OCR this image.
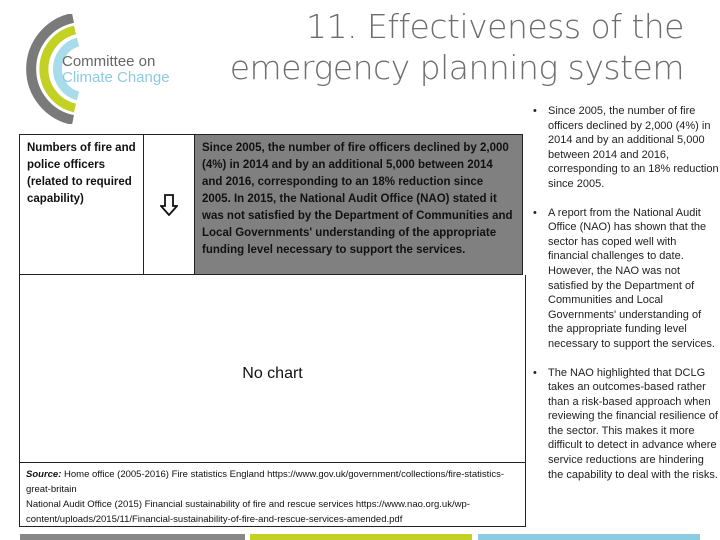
Committee on
Climate Change
11. Effectiveness of the emergency planning system
Numbers of fire and police officers (related to required capability)
Since 2005, the number of fire officers declined by 2,000 (4%) in 2014 and by an additional 5,000 between 2014 and 2016, corresponding to an 18% reduction since 2005. In 2015, the National Audit Office (NAO) stated it was not satisfied by the Department of Communities and Local Governments' understanding of the appropriate funding level necessary to support the services.
No chart
Source: Home office (2005-2016) Fire statistics England https://www.gov.uk/government/collections/fire-statistics-great-britain
National Audit Office (2015) Financial sustainability of fire and rescue services https://www.nao.org.uk/wp-content/uploads/2015/11/Financial-sustainability-of-fire-and-rescue-services-amended.pdf
• Since 2005, the number of fire officers declined by 2,000 (4%) in 2014 and by an additional 5,000 between 2014 and 2016, corresponding to an 18% reduction since 2005.
• A report from the National Audit Office (NAO) has shown that the sector has coped well with financial challenges to date. However, the NAO was not satisfied by the Department of Communities and Local Governments' understanding of the appropriate funding level necessary to support the services.
• The NAO highlighted that DCLG takes an outcomes-based rather than a risk-based approach when reviewing the financial resilience of the sector. This makes it more difficult to detect in advance where service reductions are hindering the capability to deal with the risks.
